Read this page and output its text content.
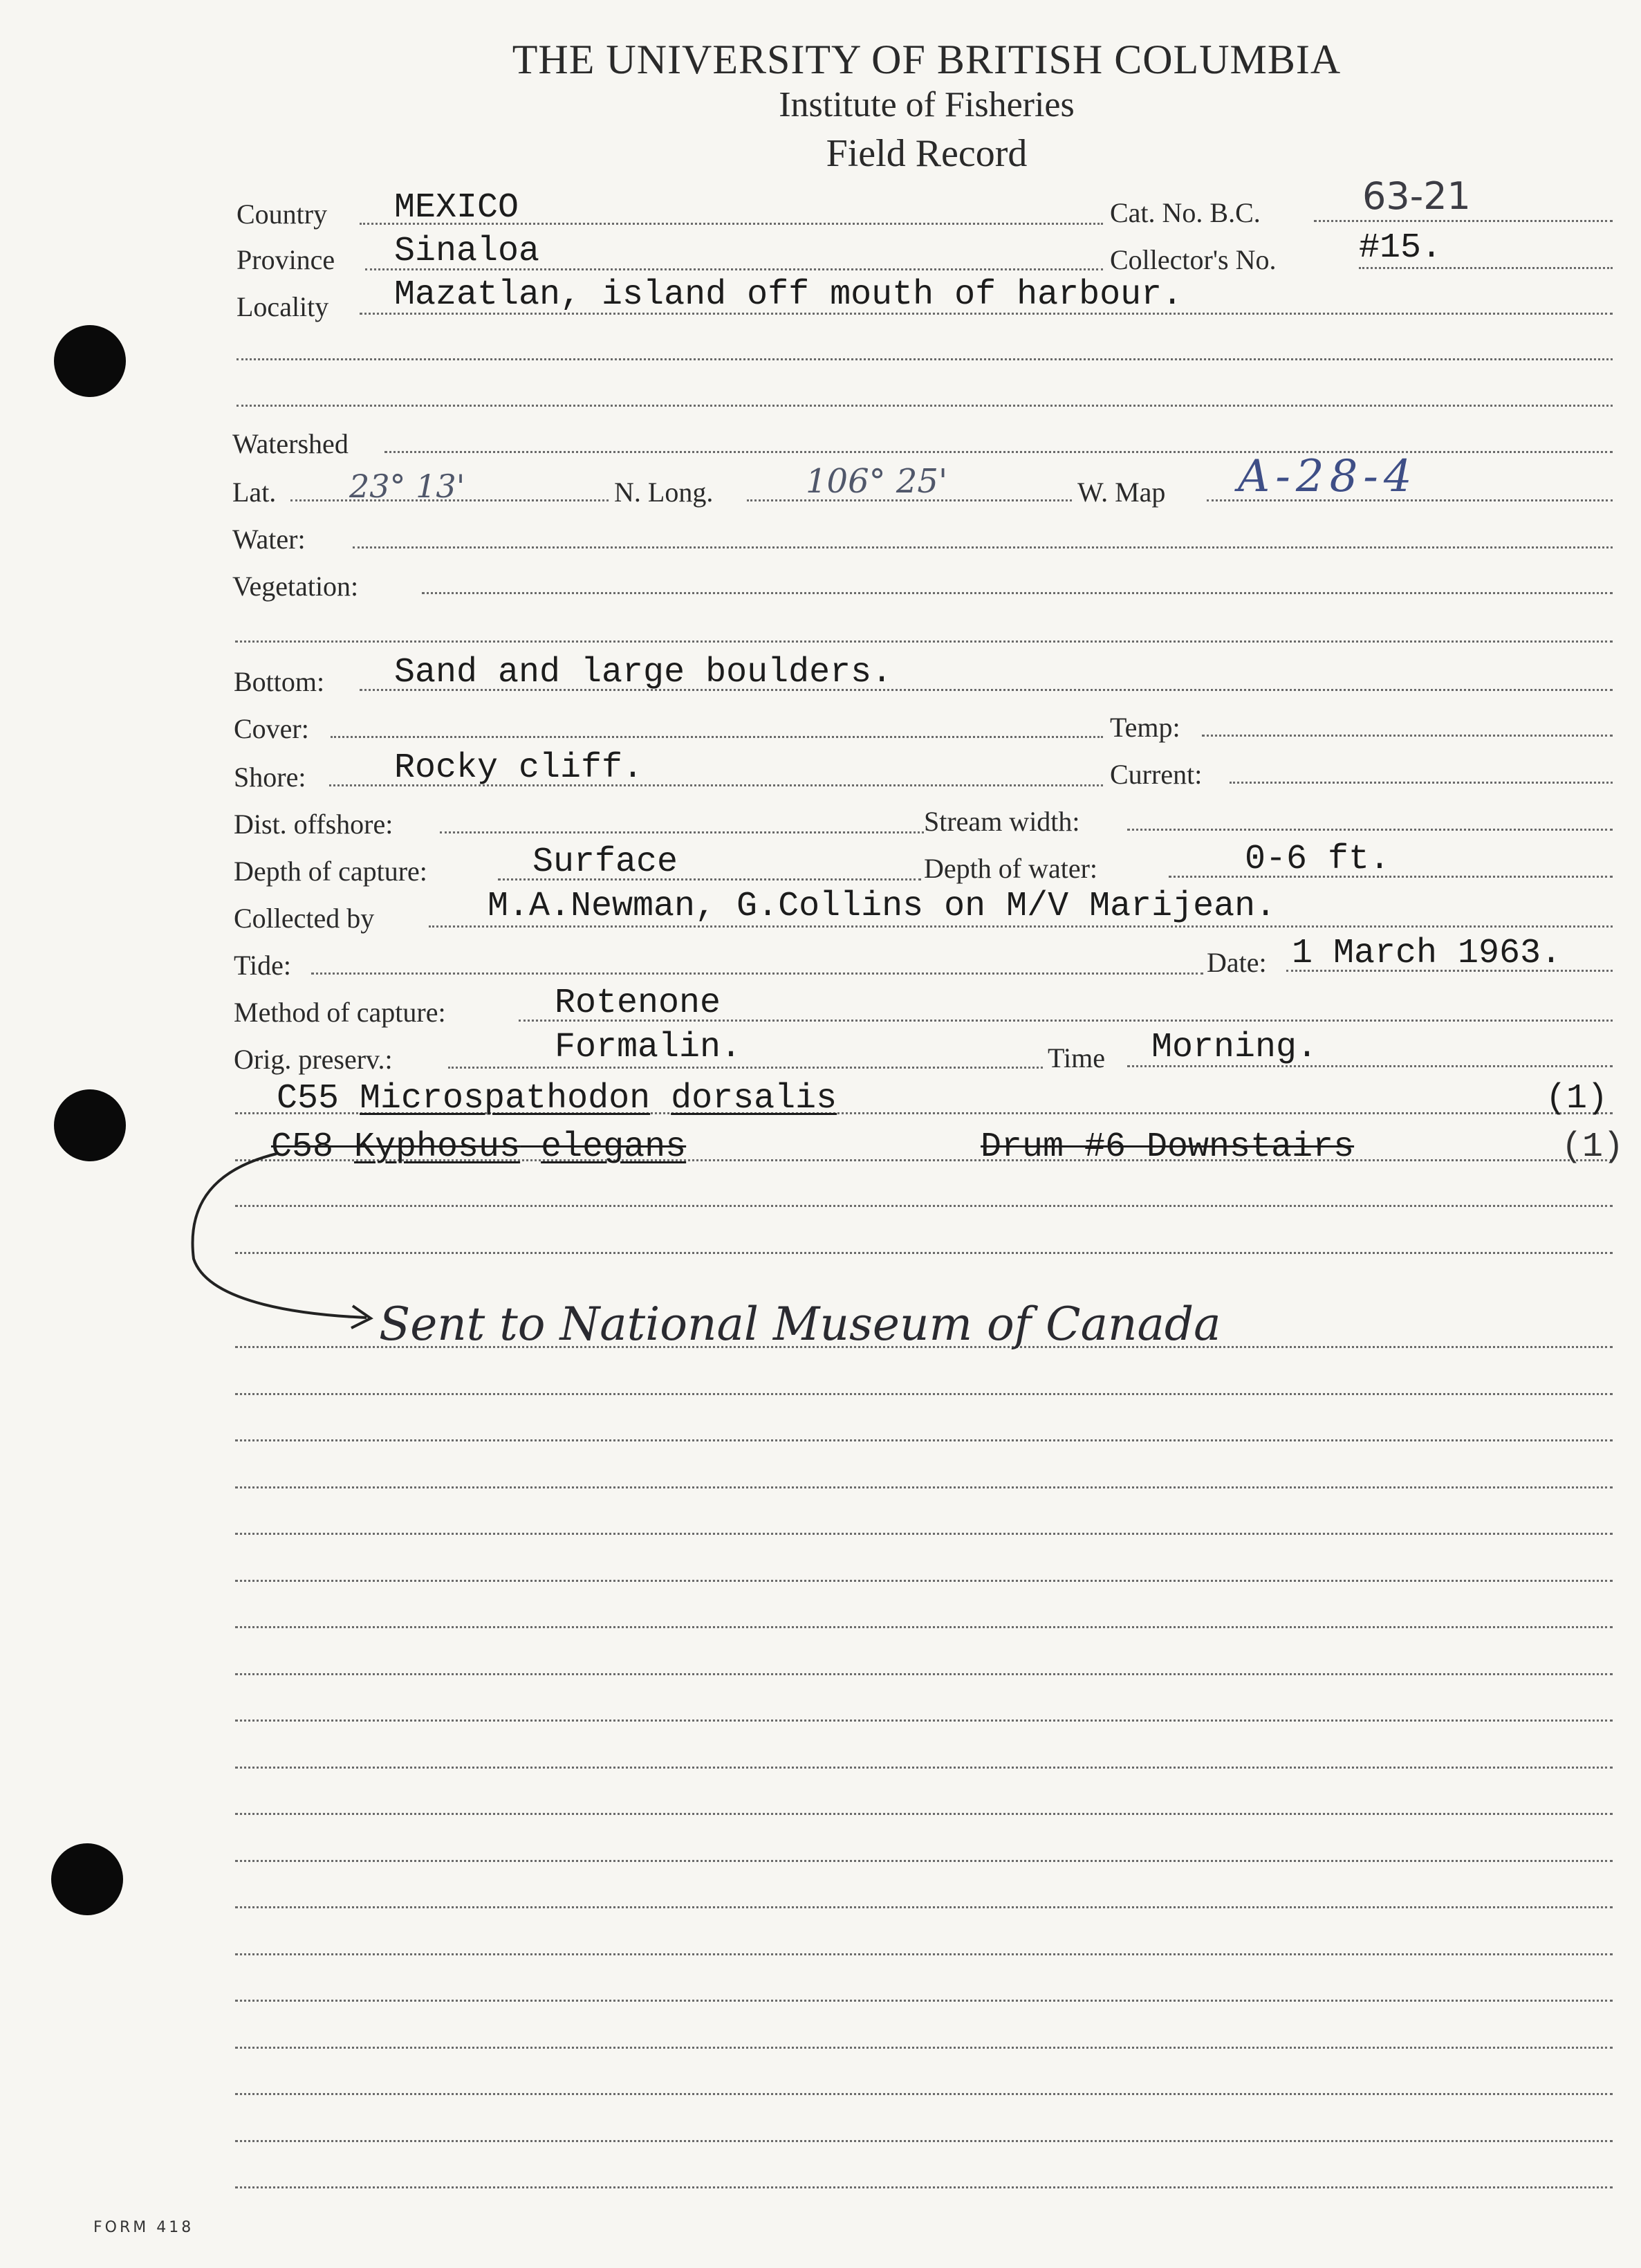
THE UNIVERSITY OF BRITISH COLUMBIA
Institute of Fisheries
Field Record
Country MEXICO	Cat. No. B.C.	63-21
Province Sinaloa	Collector's No. #15.
Locality Mazatlan, island off mouth of harbour.
Watershed
Lat. 23° 13'	N. Long.	106° 25'	W. Map A-28-4
Water:
Vegetation:
Bottom: Sand and large boulders.
Cover:	Temp:
Shore:	Rocky cliff.	Current:
Dist. offshore:	Stream width:
Depth of capture:	Surface	Depth of water:	0-6 ft.
Collected by	M.A.Newman, G.Collins on M/V Marijean.
Tide:	Date: 1 March 1963.
Method of capture:	Rotenone
Orig. preserv.:	Formalin.	Time Morning.
C55 Microspathodon dorsalis	(1)
C58 Kyphosus elegans	Drum #6 Downstairs	(1)
Sent to National Museum of Canada
FORM 418
